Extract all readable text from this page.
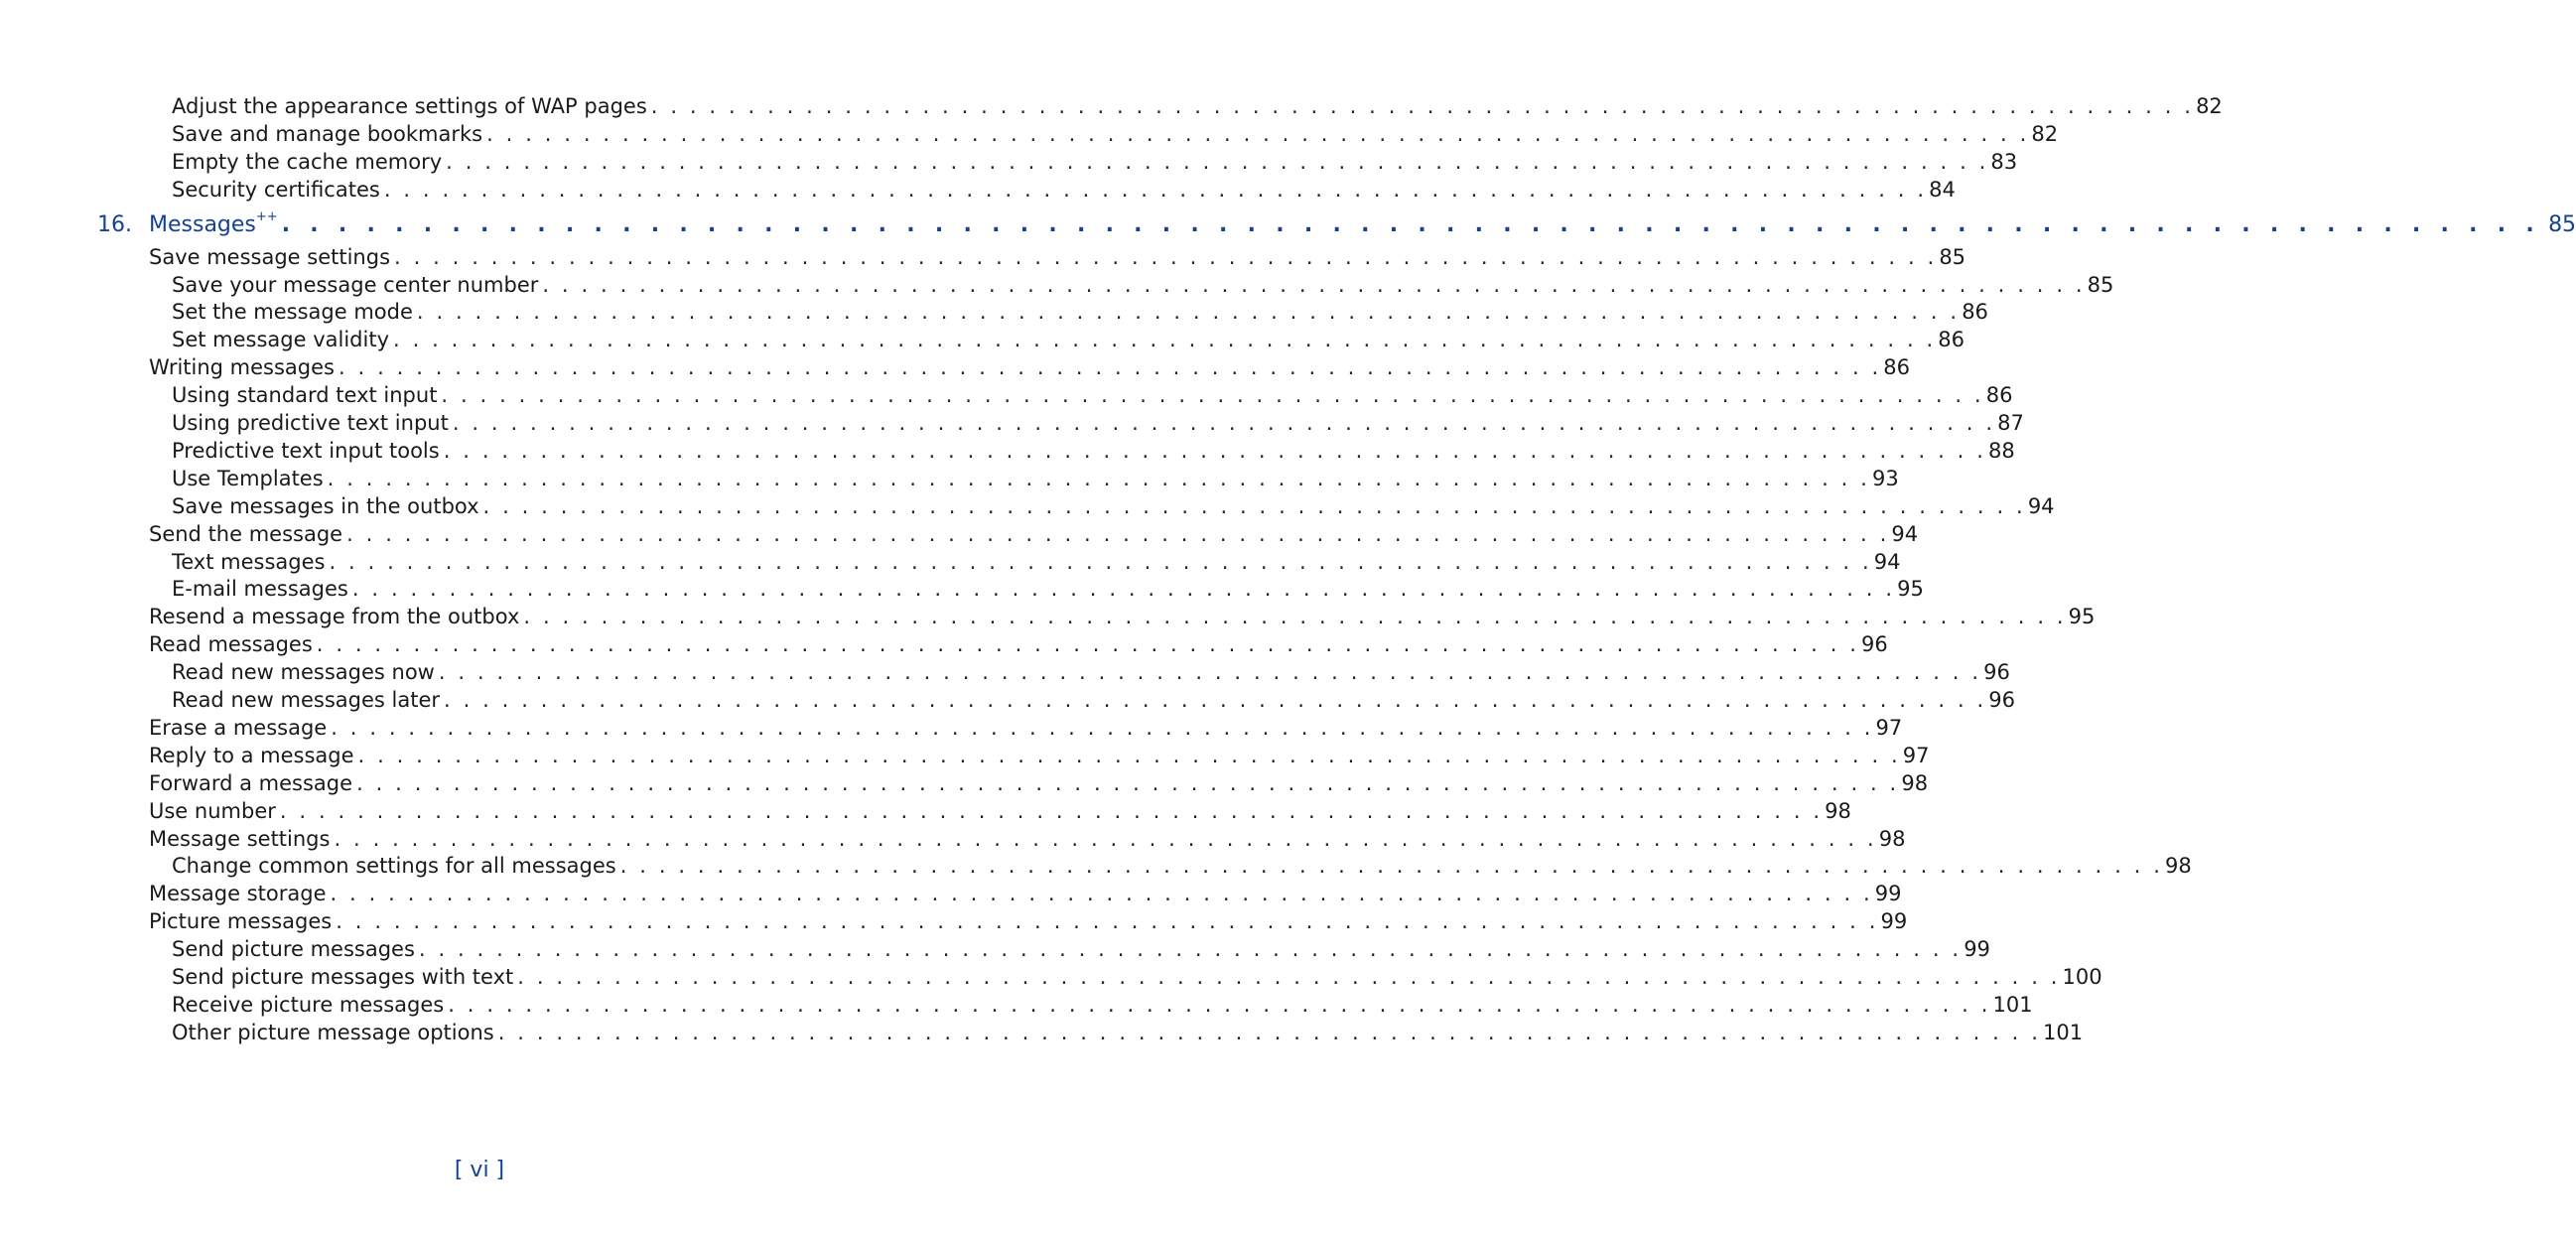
Adjust the appearance settings of WAP pages . . . . . . . . . . . . . . . . . . . . . . . . . . . . . . . . . . . . . . . . . . . . . . . . . . . . . . . . . . . . . . . . . . . . . . . . . . . . . . . . 82
Save and manage bookmarks . . . . . . . . . . . . . . . . . . . . . . . . . . . . . . . . . . . . . . . . . . . . . . . . . . . . . . . . . . . . . . . . . . . . . . . . . . . . . . . . 82
Empty the cache memory . . . . . . . . . . . . . . . . . . . . . . . . . . . . . . . . . . . . . . . . . . . . . . . . . . . . . . . . . . . . . . . . . . . . . . . . . . . . . . . . 83
Security certificates . . . . . . . . . . . . . . . . . . . . . . . . . . . . . . . . . . . . . . . . . . . . . . . . . . . . . . . . . . . . . . . . . . . . . . . . . . . . . . . . 84
16. Messages++ . . . . . . . . . . . . . . . . . . . . . . . . . . . . . . . . . . . . . . . . . . . . . . . . . . . . . . . . . . . . . . . . . . . . . . . . . . . . . . . . 85
Save message settings . . . . . . . . . . . . . . . . . . . . . . . . . . . . . . . . . . . . . . . . . . . . . . . . . . . . . . . . . . . . . . . . . . . . . . . . . . . . . . . . 85
Save your message center number . . . . . . . . . . . . . . . . . . . . . . . . . . . . . . . . . . . . . . . . . . . . . . . . . . . . . . . . . . . . . . . . . . . . . . . . . . . . . . . . 85
Set the message mode . . . . . . . . . . . . . . . . . . . . . . . . . . . . . . . . . . . . . . . . . . . . . . . . . . . . . . . . . . . . . . . . . . . . . . . . . . . . . . . . 86
Set message validity . . . . . . . . . . . . . . . . . . . . . . . . . . . . . . . . . . . . . . . . . . . . . . . . . . . . . . . . . . . . . . . . . . . . . . . . . . . . . . . . 86
Writing messages . . . . . . . . . . . . . . . . . . . . . . . . . . . . . . . . . . . . . . . . . . . . . . . . . . . . . . . . . . . . . . . . . . . . . . . . . . . . . . . . 86
Using standard text input . . . . . . . . . . . . . . . . . . . . . . . . . . . . . . . . . . . . . . . . . . . . . . . . . . . . . . . . . . . . . . . . . . . . . . . . . . . . . . . . 86
Using predictive text input . . . . . . . . . . . . . . . . . . . . . . . . . . . . . . . . . . . . . . . . . . . . . . . . . . . . . . . . . . . . . . . . . . . . . . . . . . . . . . . . 87
Predictive text input tools . . . . . . . . . . . . . . . . . . . . . . . . . . . . . . . . . . . . . . . . . . . . . . . . . . . . . . . . . . . . . . . . . . . . . . . . . . . . . . . . 88
Use Templates . . . . . . . . . . . . . . . . . . . . . . . . . . . . . . . . . . . . . . . . . . . . . . . . . . . . . . . . . . . . . . . . . . . . . . . . . . . . . . . . 93
Save messages in the outbox . . . . . . . . . . . . . . . . . . . . . . . . . . . . . . . . . . . . . . . . . . . . . . . . . . . . . . . . . . . . . . . . . . . . . . . . . . . . . . . . 94
Send the message . . . . . . . . . . . . . . . . . . . . . . . . . . . . . . . . . . . . . . . . . . . . . . . . . . . . . . . . . . . . . . . . . . . . . . . . . . . . . . . . 94
Text messages . . . . . . . . . . . . . . . . . . . . . . . . . . . . . . . . . . . . . . . . . . . . . . . . . . . . . . . . . . . . . . . . . . . . . . . . . . . . . . . . 94
E-mail messages . . . . . . . . . . . . . . . . . . . . . . . . . . . . . . . . . . . . . . . . . . . . . . . . . . . . . . . . . . . . . . . . . . . . . . . . . . . . . . . . 95
Resend a message from the outbox . . . . . . . . . . . . . . . . . . . . . . . . . . . . . . . . . . . . . . . . . . . . . . . . . . . . . . . . . . . . . . . . . . . . . . . . . . . . . . . . 95
Read messages . . . . . . . . . . . . . . . . . . . . . . . . . . . . . . . . . . . . . . . . . . . . . . . . . . . . . . . . . . . . . . . . . . . . . . . . . . . . . . . . 96
Read new messages now . . . . . . . . . . . . . . . . . . . . . . . . . . . . . . . . . . . . . . . . . . . . . . . . . . . . . . . . . . . . . . . . . . . . . . . . . . . . . . . . 96
Read new messages later . . . . . . . . . . . . . . . . . . . . . . . . . . . . . . . . . . . . . . . . . . . . . . . . . . . . . . . . . . . . . . . . . . . . . . . . . . . . . . . . 96
Erase a message . . . . . . . . . . . . . . . . . . . . . . . . . . . . . . . . . . . . . . . . . . . . . . . . . . . . . . . . . . . . . . . . . . . . . . . . . . . . . . . . 97
Reply to a message . . . . . . . . . . . . . . . . . . . . . . . . . . . . . . . . . . . . . . . . . . . . . . . . . . . . . . . . . . . . . . . . . . . . . . . . . . . . . . . . 97
Forward a message . . . . . . . . . . . . . . . . . . . . . . . . . . . . . . . . . . . . . . . . . . . . . . . . . . . . . . . . . . . . . . . . . . . . . . . . . . . . . . . . 98
Use number . . . . . . . . . . . . . . . . . . . . . . . . . . . . . . . . . . . . . . . . . . . . . . . . . . . . . . . . . . . . . . . . . . . . . . . . . . . . . . . . 98
Message settings . . . . . . . . . . . . . . . . . . . . . . . . . . . . . . . . . . . . . . . . . . . . . . . . . . . . . . . . . . . . . . . . . . . . . . . . . . . . . . . . 98
Change common settings for all messages . . . . . . . . . . . . . . . . . . . . . . . . . . . . . . . . . . . . . . . . . . . . . . . . . . . . . . . . . . . . . . . . . . . . . . . . . . . . . . . . 98
Message storage . . . . . . . . . . . . . . . . . . . . . . . . . . . . . . . . . . . . . . . . . . . . . . . . . . . . . . . . . . . . . . . . . . . . . . . . . . . . . . . . 99
Picture messages . . . . . . . . . . . . . . . . . . . . . . . . . . . . . . . . . . . . . . . . . . . . . . . . . . . . . . . . . . . . . . . . . . . . . . . . . . . . . . . . 99
Send picture messages . . . . . . . . . . . . . . . . . . . . . . . . . . . . . . . . . . . . . . . . . . . . . . . . . . . . . . . . . . . . . . . . . . . . . . . . . . . . . . . . 99
Send picture messages with text . . . . . . . . . . . . . . . . . . . . . . . . . . . . . . . . . . . . . . . . . . . . . . . . . . . . . . . . . . . . . . . . . . . . . . . . . . . . . . . . 100
Receive picture messages . . . . . . . . . . . . . . . . . . . . . . . . . . . . . . . . . . . . . . . . . . . . . . . . . . . . . . . . . . . . . . . . . . . . . . . . . . . . . . . . 101
Other picture message options . . . . . . . . . . . . . . . . . . . . . . . . . . . . . . . . . . . . . . . . . . . . . . . . . . . . . . . . . . . . . . . . . . . . . . . . . . . . . . . . 101
[ vi ]
